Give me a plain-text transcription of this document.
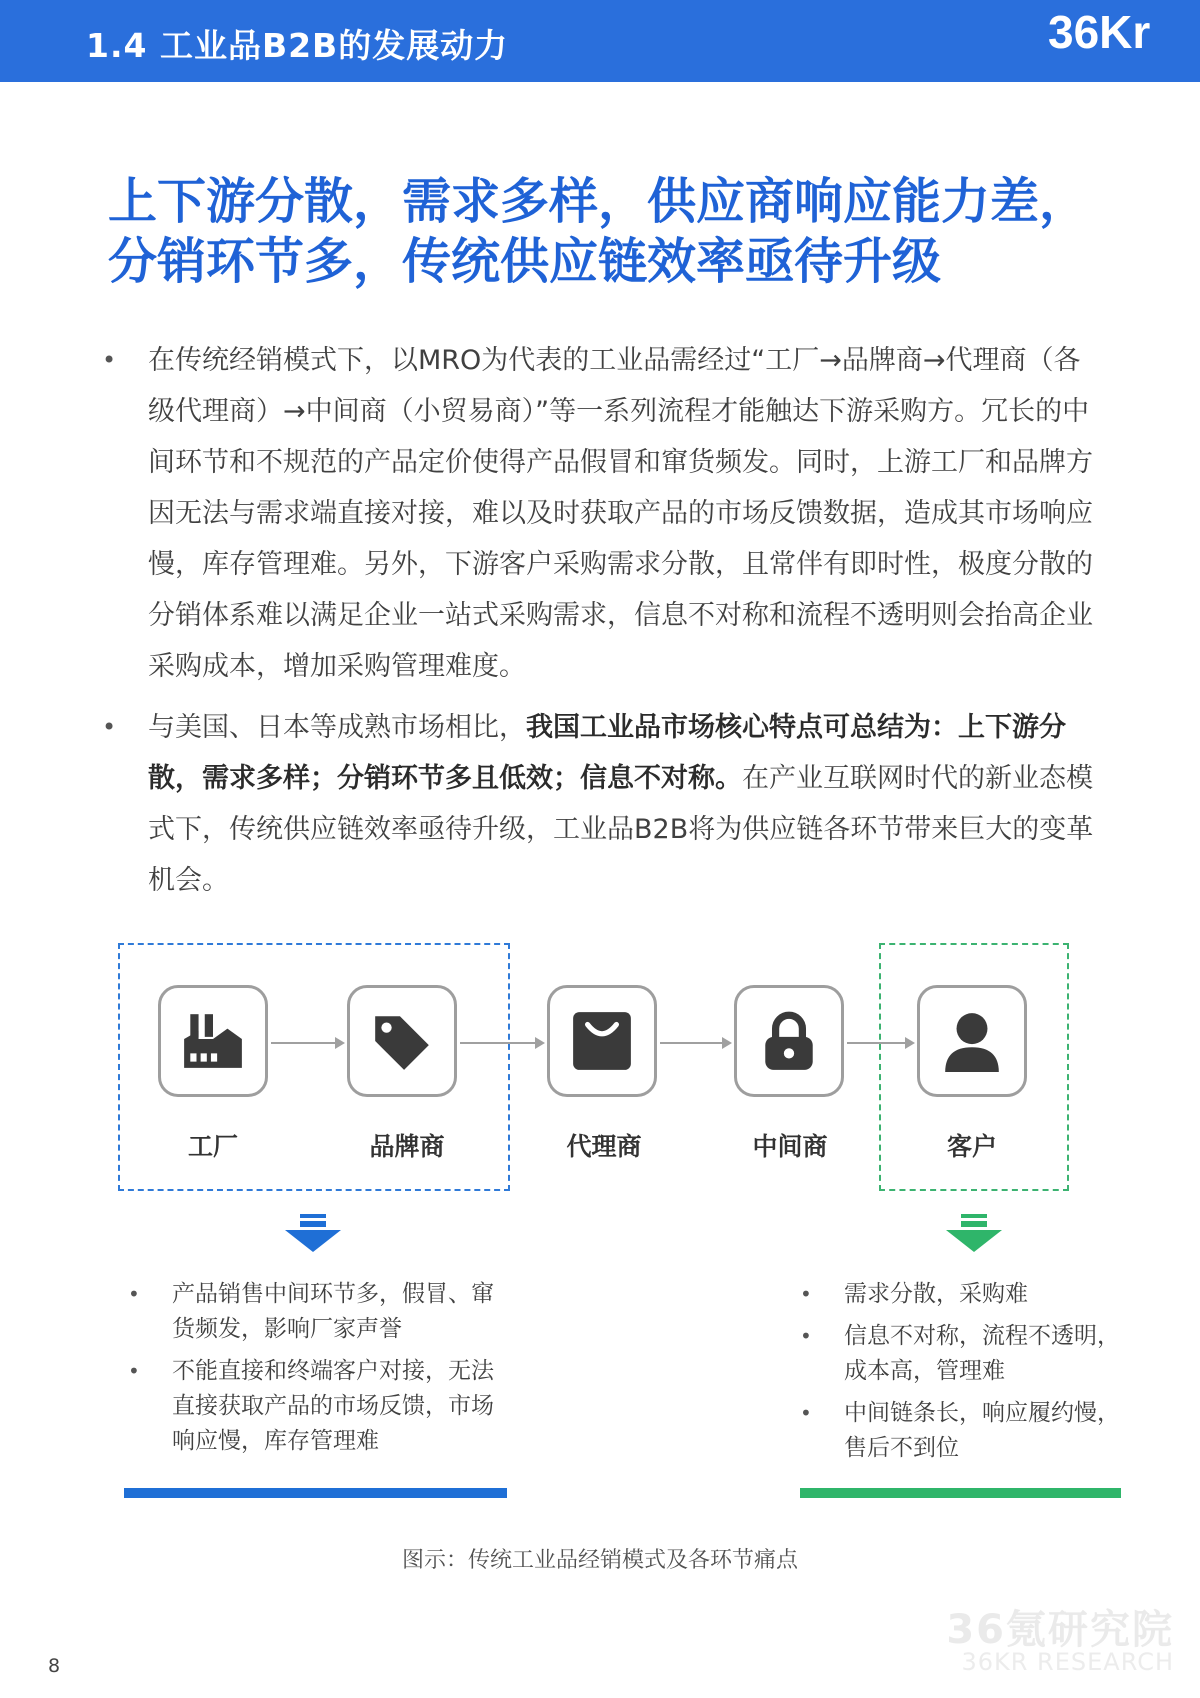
1.4 工业品B2B的发展动力	36Kr
上下游分散，需求多样，供应商响应能力差，
分销环节多，传统供应链效率亟待升级
• 在传统经销模式下，以MRO为代表的工业品需经过“工厂→品牌商→代理商（各级代理商）→中间商（小贸易商）”等一系列流程才能触达下游采购方。冗长的中间环节和不规范的产品定价使得产品假冒和窜货频发。同时，上游工厂和品牌方因无法与需求端直接对接，难以及时获取产品的市场反馈数据，造成其市场响应慢，库存管理难。另外，下游客户采购需求分散，且常伴有即时性，极度分散的分销体系难以满足企业一站式采购需求，信息不对称和流程不透明则会抬高企业采购成本，增加采购管理难度。
• 与美国、日本等成熟市场相比，我国工业品市场核心特点可总结为：上下游分散，需求多样；分销环节多且低效；信息不对称。在产业互联网时代的新业态模式下，传统供应链效率亟待升级，工业品B2B将为供应链各环节带来巨大的变革机会。
工厂	品牌商	代理商	中间商	客户
• 产品销售中间环节多，假冒、窜货频发，影响厂家声誉
• 不能直接和终端客户对接，无法直接获取产品的市场反馈，市场响应慢，库存管理难
• 需求分散，采购难
• 信息不对称，流程不透明，成本高，管理难
• 中间链条长，响应履约慢，售后不到位
图示：传统工业品经销模式及各环节痛点
8
36氪研究院
36KR RESEARCH
